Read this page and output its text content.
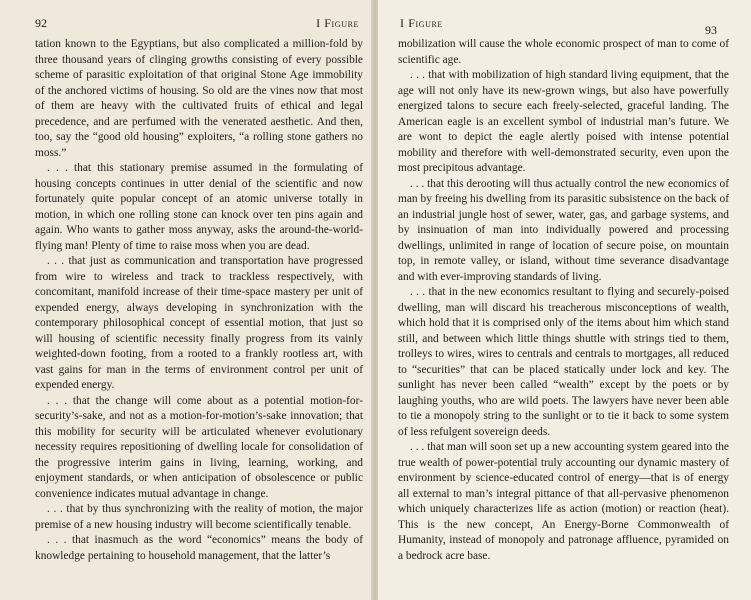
92	I Figure

tation known to the Egyptians, but also complicated a million-fold by three thousand years of clinging growths consisting of every possible scheme of parasitic exploitation of that original Stone Age immobility of the anchored victims of housing. So old are the vines now that most of them are heavy with the cultivated fruits of ethical and legal precedence, and are perfumed with the venerated aesthetic. And then, too, say the “good old housing” exploiters, “a rolling stone gathers no moss.”

. . . that this stationary premise assumed in the formulating of housing concepts continues in utter denial of the scientific and now fortunately quite popular concept of an atomic universe totally in motion, in which one rolling stone can knock over ten pins again and again. Who wants to gather moss anyway, asks the around-the-world-flying man! Plenty of time to raise moss when you are dead.

. . . that just as communication and transportation have progressed from wire to wireless and track to trackless respectively, with concomitant, manifold increase of their time-space mastery per unit of expended energy, always developing in synchronization with the contemporary philosophical concept of essential motion, that just so will housing of scientific necessity finally progress from its vainly weighted-down footing, from a rooted to a frankly rootless art, with vast gains for man in the terms of environment control per unit of expended energy.

. . . that the change will come about as a potential motion-for-security’s-sake, and not as a motion-for-motion’s-sake innovation; that this mobility for security will be articulated whenever evolutionary necessity requires repositioning of dwelling locale for consolidation of the progressive interim gains in living, learning, working, and enjoyment standards, or when anticipation of obsolescence or public convenience indicates mutual advantage in change.

. . . that by thus synchronizing with the reality of motion, the major premise of a new housing industry will become scientifically tenable.

. . . that inasmuch as the word “economics” means the body of knowledge pertaining to household management, that the latter’s

I Figure	93

mobilization will cause the whole economic prospect of man to come of scientific age.

. . . that with mobilization of high standard living equipment, that the age will not only have its new-grown wings, but also have powerfully energized talons to secure each freely-selected, graceful landing. The American eagle is an excellent symbol of industrial man’s future. We are wont to depict the eagle alertly poised with intense potential mobility and therefore with well-demonstrated security, even upon the most precipitous advantage.

. . . that this derooting will thus actually control the new economics of man by freeing his dwelling from its parasitic subsistence on the back of an industrial jungle host of sewer, water, gas, and garbage systems, and by insinuation of man into individually powered and processing dwellings, unlimited in range of location of secure poise, on mountain top, in remote valley, or island, without time severance disadvantage and with ever-improving standards of living.

. . . that in the new economics resultant to flying and securely-poised dwelling, man will discard his treacherous misconceptions of wealth, which hold that it is comprised only of the items about him which stand still, and between which little things shuttle with strings tied to them, trolleys to wires, wires to centrals and centrals to mortgages, all reduced to “securities” that can be placed statically under lock and key. The sunlight has never been called “wealth” except by the poets or by laughing youths, who are wild poets. The lawyers have never been able to tie a monopoly string to the sunlight or to tie it back to some system of less refulgent sovereign deeds.

. . . that man will soon set up a new accounting system geared into the true wealth of power-potential truly accounting our dynamic mastery of environment by science-educated control of energy—that is of energy all external to man’s integral pittance of that all-pervasive phenomenon which uniquely characterizes life as action (motion) or reaction (heat). This is the new concept, An Energy-Borne Commonwealth of Humanity, instead of monopoly and patronage affluence, pyramided on a bedrock acre base.
